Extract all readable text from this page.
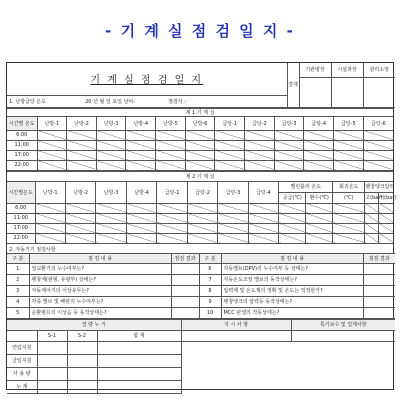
- 기 계 실 점 검 일 지 -
기 계 실 점 검 일 지	결재	기관병장	시설과장	관리소장

1. 난방급탕 온도 20 년 월 일 요일 날씨: 점검자 :				
제 1 기 계 실												
시간별 온도	난방-1	난방-2	난방-3	난방-4	난방-5	난방-6	급탕-1	급탕-2	급탕-3	급탕-4	급탕-5	급탕-6
6:00												
11:00												
17:00												
22:00												
제 2 기 계 실													
시간별온도	난방-1	난방-2	난방-3	난방-4	급탕-1	급탕-2	급탕-3	급탕-4	밸런블러 온도		회귀온도	팽창탱크압력	
									공급(℃)	환수(℃)	(℃)	고(bar)	저(bar)
6:00													
11:00													
17:00													
22:00													
2. 자동기기 점검사항
구 분	점 검 내 용	점검 결과	구 분	점 검 내 용	점검 결과
1	열교환기의 누수여부는?		6	자동밸브(DPV)의 누수여부 등 상태는?	
2	팽창계(판형, 유량부) 상태는?		7	자동온도조절 밸브의 동작상태는?	
3	자동제어기의 이상유무는?		8	압력계 및 온도계의 정확 및 온도는 적정한가?	
4	각종 밸브 및 배관의 누수여부는?		9	팽창탱크의 압력등 동작상태는?	
5	순환펌프의 이상음 등 동작상태는?		10	MCC 판넬의 작동상태는?	
열 량 누 거				지 시 사 항	특기보수 및 업계사항
	S-1	S-2	합 계		
연림지침					
금일지침					
사 용 량					
누 계					
